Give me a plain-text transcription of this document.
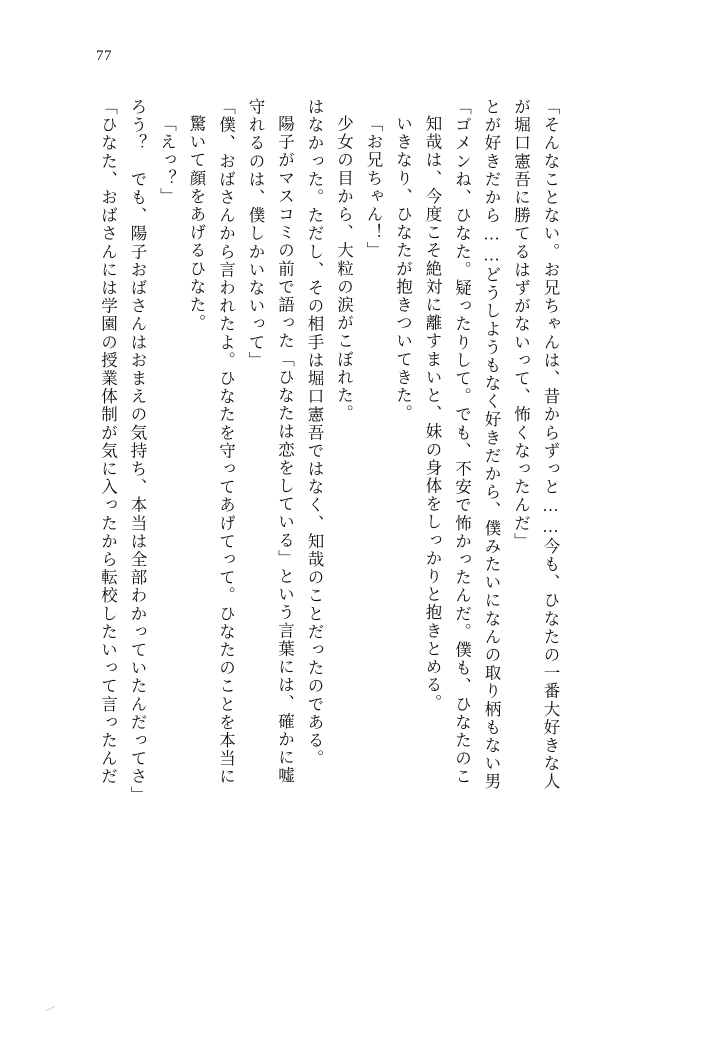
77
「ひなた、おばさんには学園の授業体制が気に入ったから転校したいって言ったんだ ろう？　でも、陽子おばさんはおまえの気持ち、本当は全部わかっていたんだってさ」 「えっ？」 驚いて顔をあげるひなた。 「僕、おばさんから言われたよ。ひなたを守ってあげてって。ひなたのことを本当に 守れるのは、僕しかいないって」 陽子がマスコミの前で語った「ひなたは恋をしている」という言葉には、確かに嘘 はなかった。ただし、その相手は堀口憲吾ではなく、知哉のことだったのである。 少女の目から、大粒の涙がこぼれた。 「お兄ちゃん！」 いきなり、ひなたが抱きついてきた。 知哉は、今度こそ絶対に離すまいと、妹の身体をしっかりと抱きとめる。 「ゴメンね、ひなた。疑ったりして。でも、不安で怖かったんだ。僕も、ひなたのこ とが好きだから……どうしようもなく好きだから、僕みたいになんの取り柄もない男 が堀口憲吾に勝てるはずがないって、怖くなったんだ」 「そんなことない。お兄ちゃんは、昔からずっと……今も、ひなたの一番大好きな人
